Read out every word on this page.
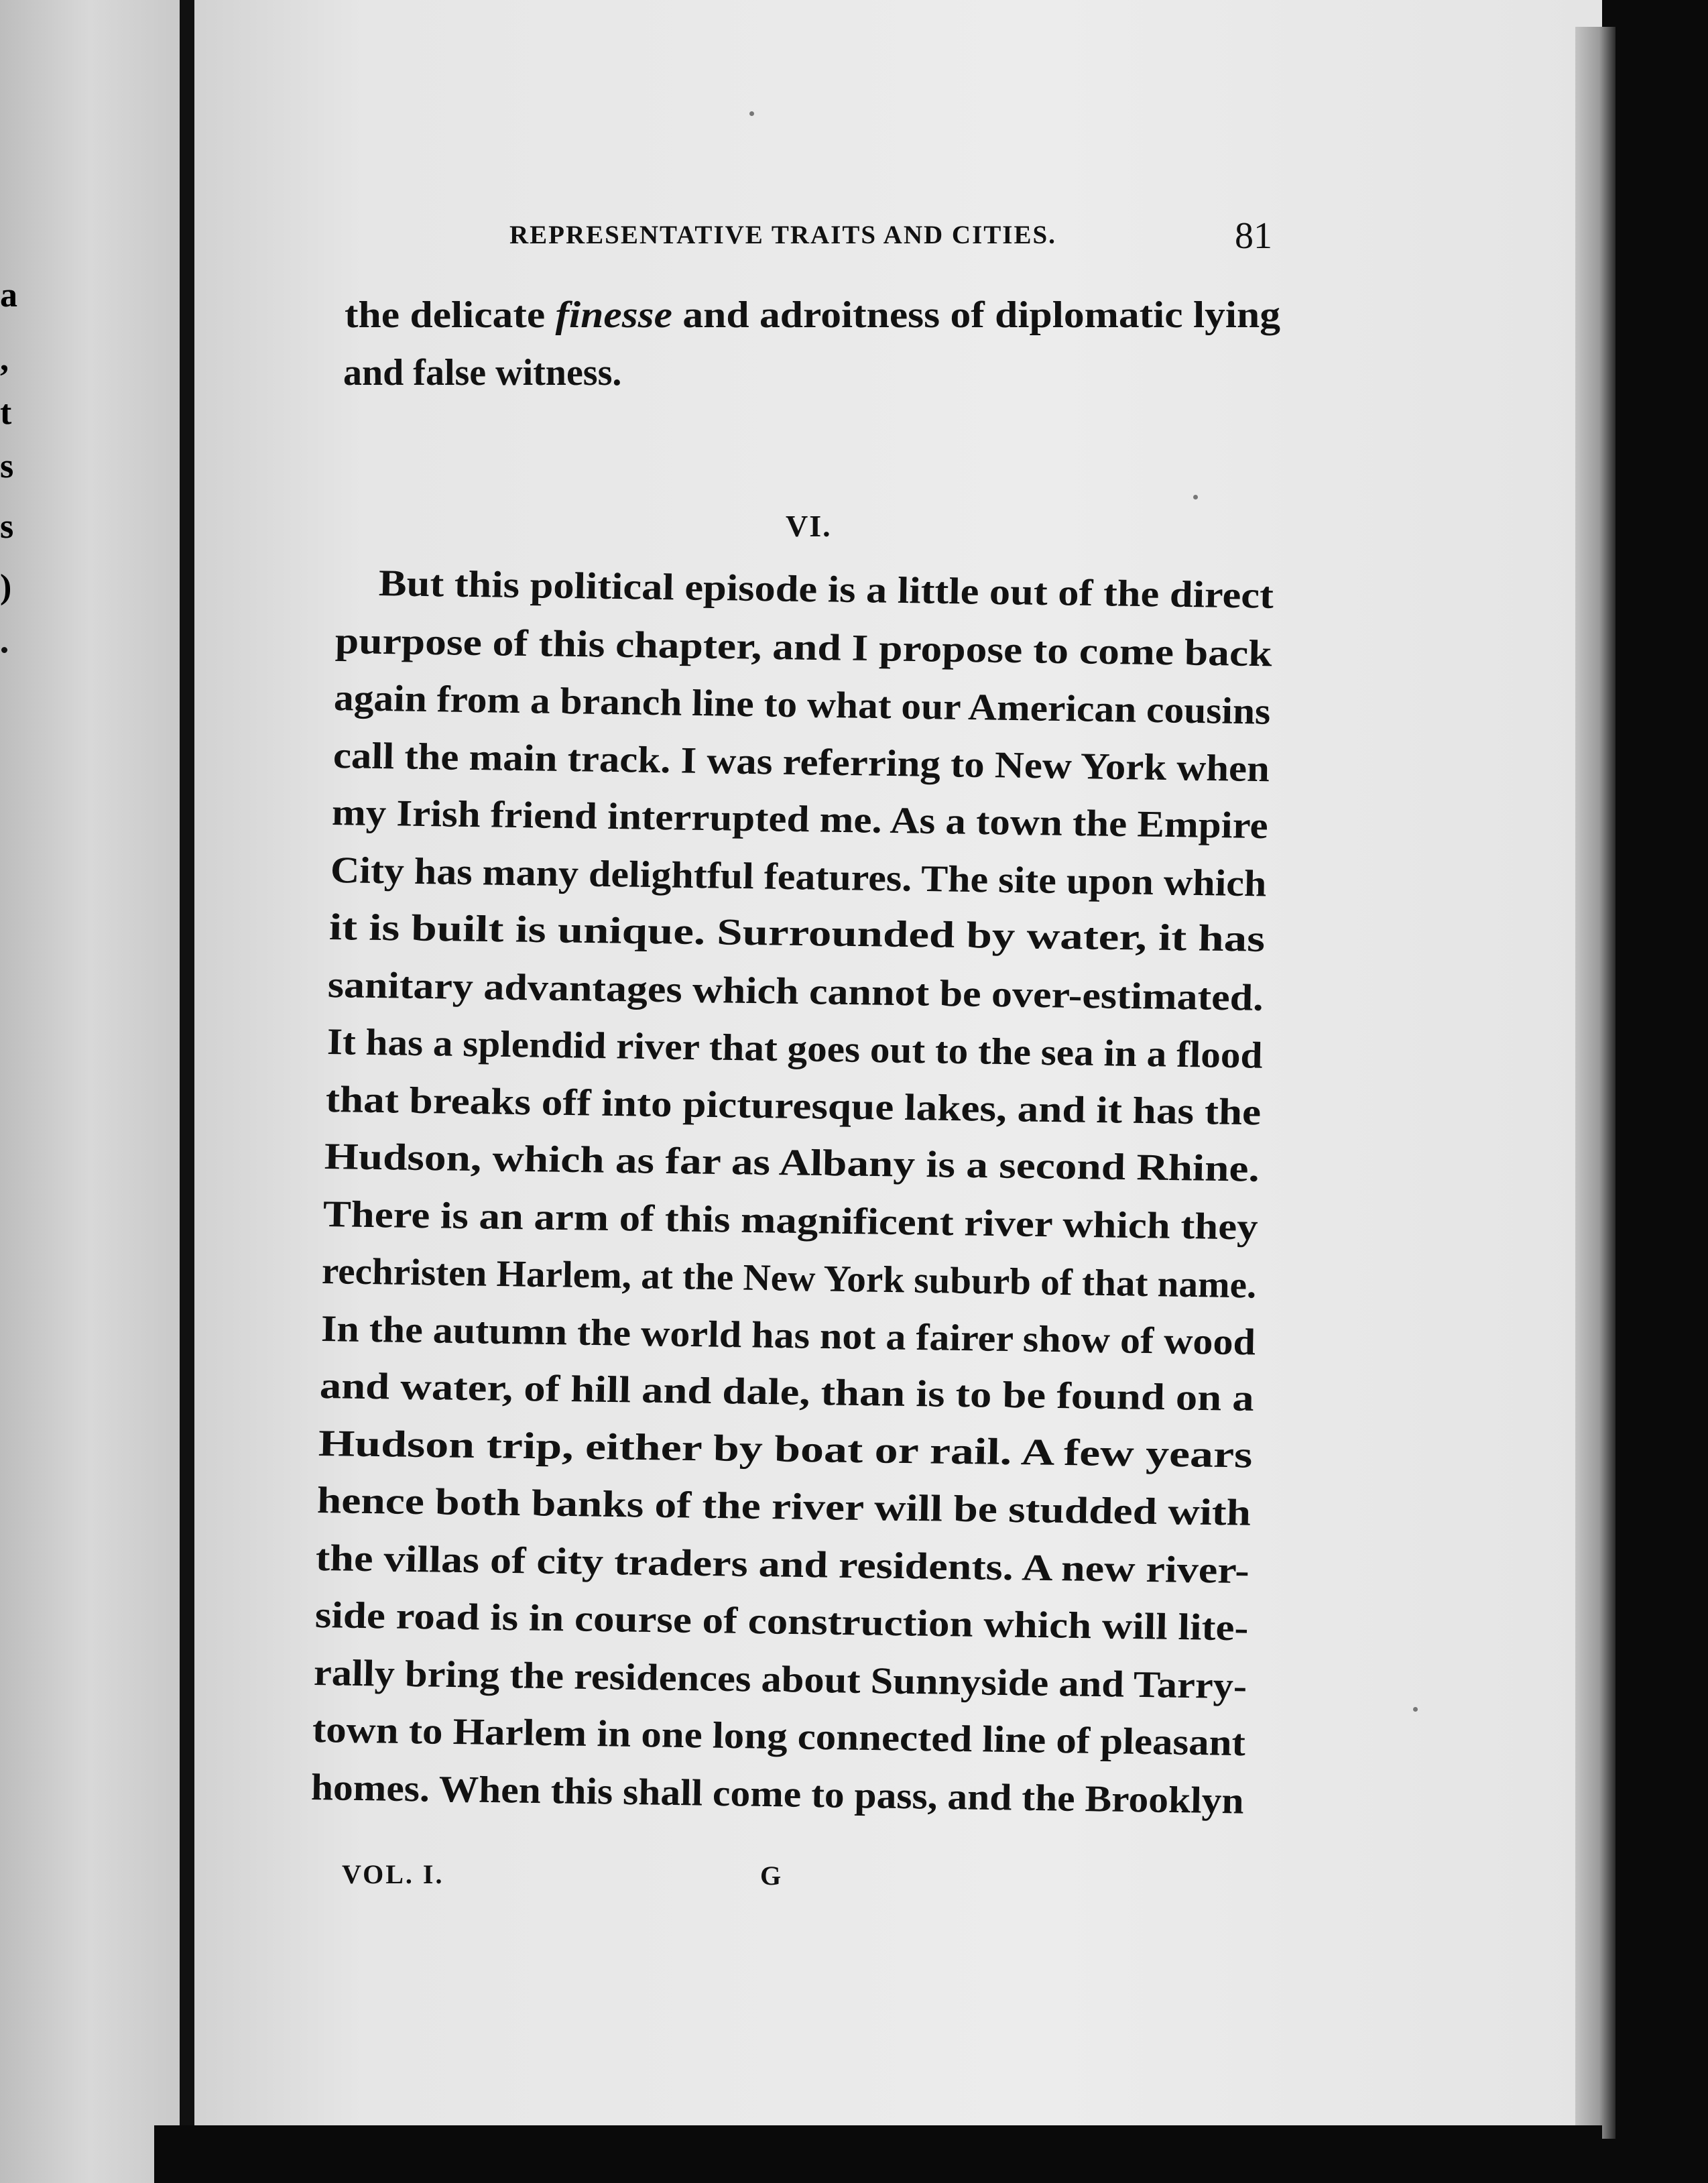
a
,
t
s
s
)
REPRESENTATIVE TRAITS AND CITIES.	81
the delicate finesse and adroitness of diplomatic lying
and false witness.
VI.
But this political episode is a little out of the direct
purpose of this chapter, and I propose to come back
again from a branch line to what our American cousins
call the main track. I was referring to New York when
my Irish friend interrupted me. As a town the Empire
City has many delightful features. The site upon which
it is built is unique. Surrounded by water, it has
sanitary advantages which cannot be over-estimated.
It has a splendid river that goes out to the sea in a flood
that breaks off into picturesque lakes, and it has the
Hudson, which as far as Albany is a second Rhine.
There is an arm of this magnificent river which they
rechristen Harlem, at the New York suburb of that name.
In the autumn the world has not a fairer show of wood
and water, of hill and dale, than is to be found on a
Hudson trip, either by boat or rail. A few years
hence both banks of the river will be studded with
the villas of city traders and residents. A new river-
side road is in course of construction which will lite-
rally bring the residences about Sunnyside and Tarry-
town to Harlem in one long connected line of pleasant
homes. When this shall come to pass, and the Brooklyn
VOL. I.	G
